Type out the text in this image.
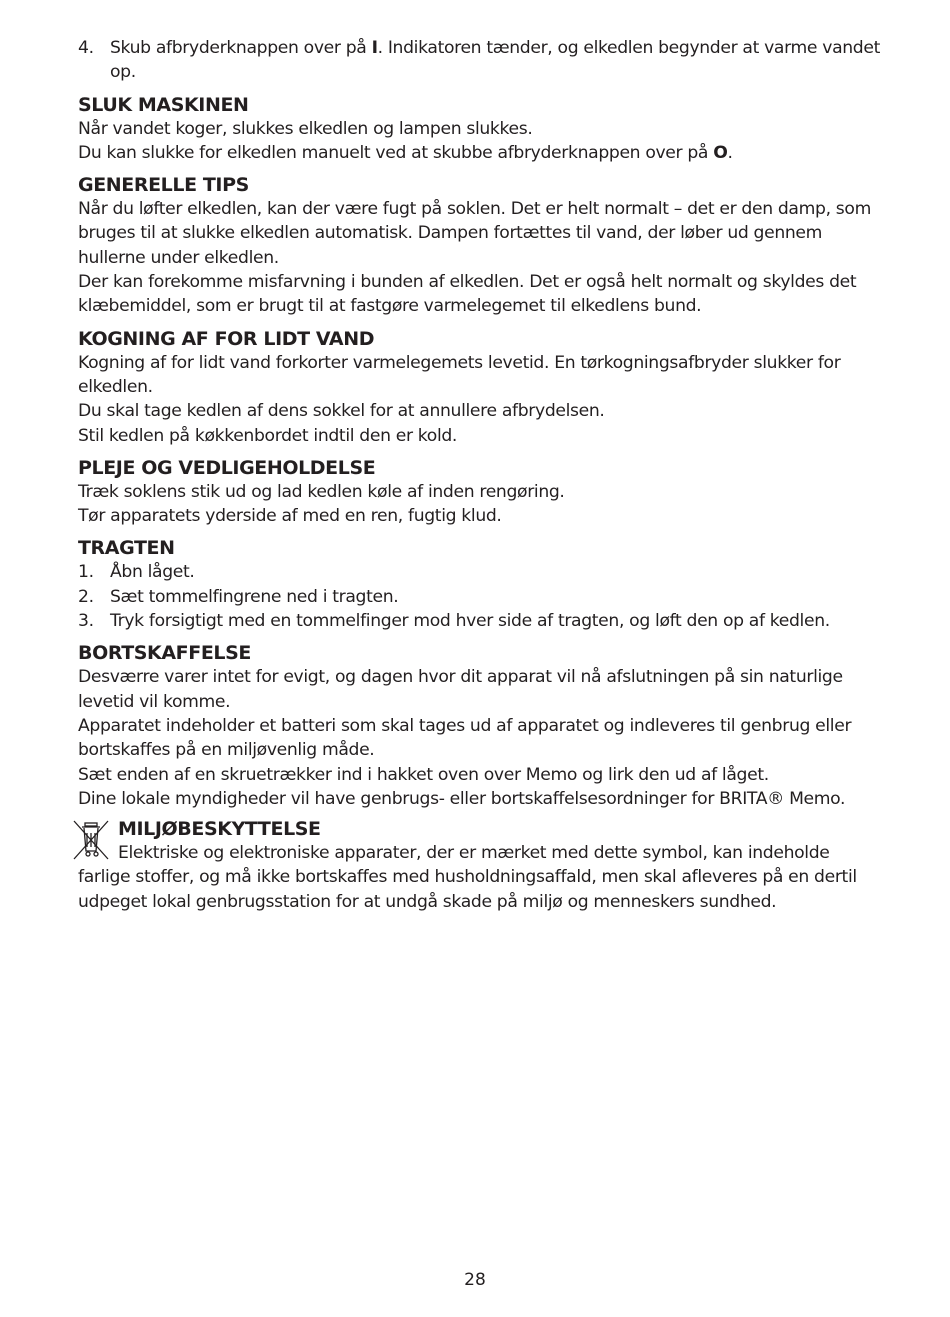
4. Skub afbryderknappen over på I. Indikatoren tænder, og elkedlen begynder at varme vandet op.

SLUK MASKINEN

Når vandet koger, slukkes elkedlen og lampen slukkes.

Du kan slukke for elkedlen manuelt ved at skubbe afbryderknappen over på O.

GENERELLE TIPS

Når du løfter elkedlen, kan der være fugt på soklen. Det er helt normalt – det er den damp, som bruges til at slukke elkedlen automatisk. Dampen fortættes til vand, der løber ud gennem hullerne under elkedlen.

Der kan forekomme misfarvning i bunden af elkedlen. Det er også helt normalt og skyldes det klæbemiddel, som er brugt til at fastgøre varmelegemet til elkedlens bund.

KOGNING AF FOR LIDT VAND

Kogning af for lidt vand forkorter varmelegemets levetid. En tørkogningsafbryder slukker for elkedlen.

Du skal tage kedlen af dens sokkel for at annullere afbrydelsen.

Stil kedlen på køkkenbordet indtil den er kold.

PLEJE OG VEDLIGEHOLDELSE

Træk soklens stik ud og lad kedlen køle af inden rengøring.

Tør apparatets yderside af med en ren, fugtig klud.

TRAGTEN

1. Åbn låget.

2. Sæt tommelfingrene ned i tragten.

3. Tryk forsigtigt med en tommelfinger mod hver side af tragten, og løft den op af kedlen.

BORTSKAFFELSE

Desværre varer intet for evigt, og dagen hvor dit apparat vil nå afslutningen på sin naturlige levetid vil komme.

Apparatet indeholder et batteri som skal tages ud af apparatet og indleveres til genbrug eller bortskaffes på en miljøvenlig måde.

Sæt enden af en skruetrækker ind i hakket oven over Memo og lirk den ud af låget.

Dine lokale myndigheder vil have genbrugs- eller bortskaffelsesordninger for BRITA® Memo.

MILJØBESKYTTELSE

Elektriske og elektroniske apparater, der er mærket med dette symbol, kan indeholde

farlige stoffer, og må ikke bortskaffes med husholdningsaffald, men skal afleveres på en dertil udpeget lokal genbrugsstation for at undgå skade på miljø og menneskers sundhed.

28
